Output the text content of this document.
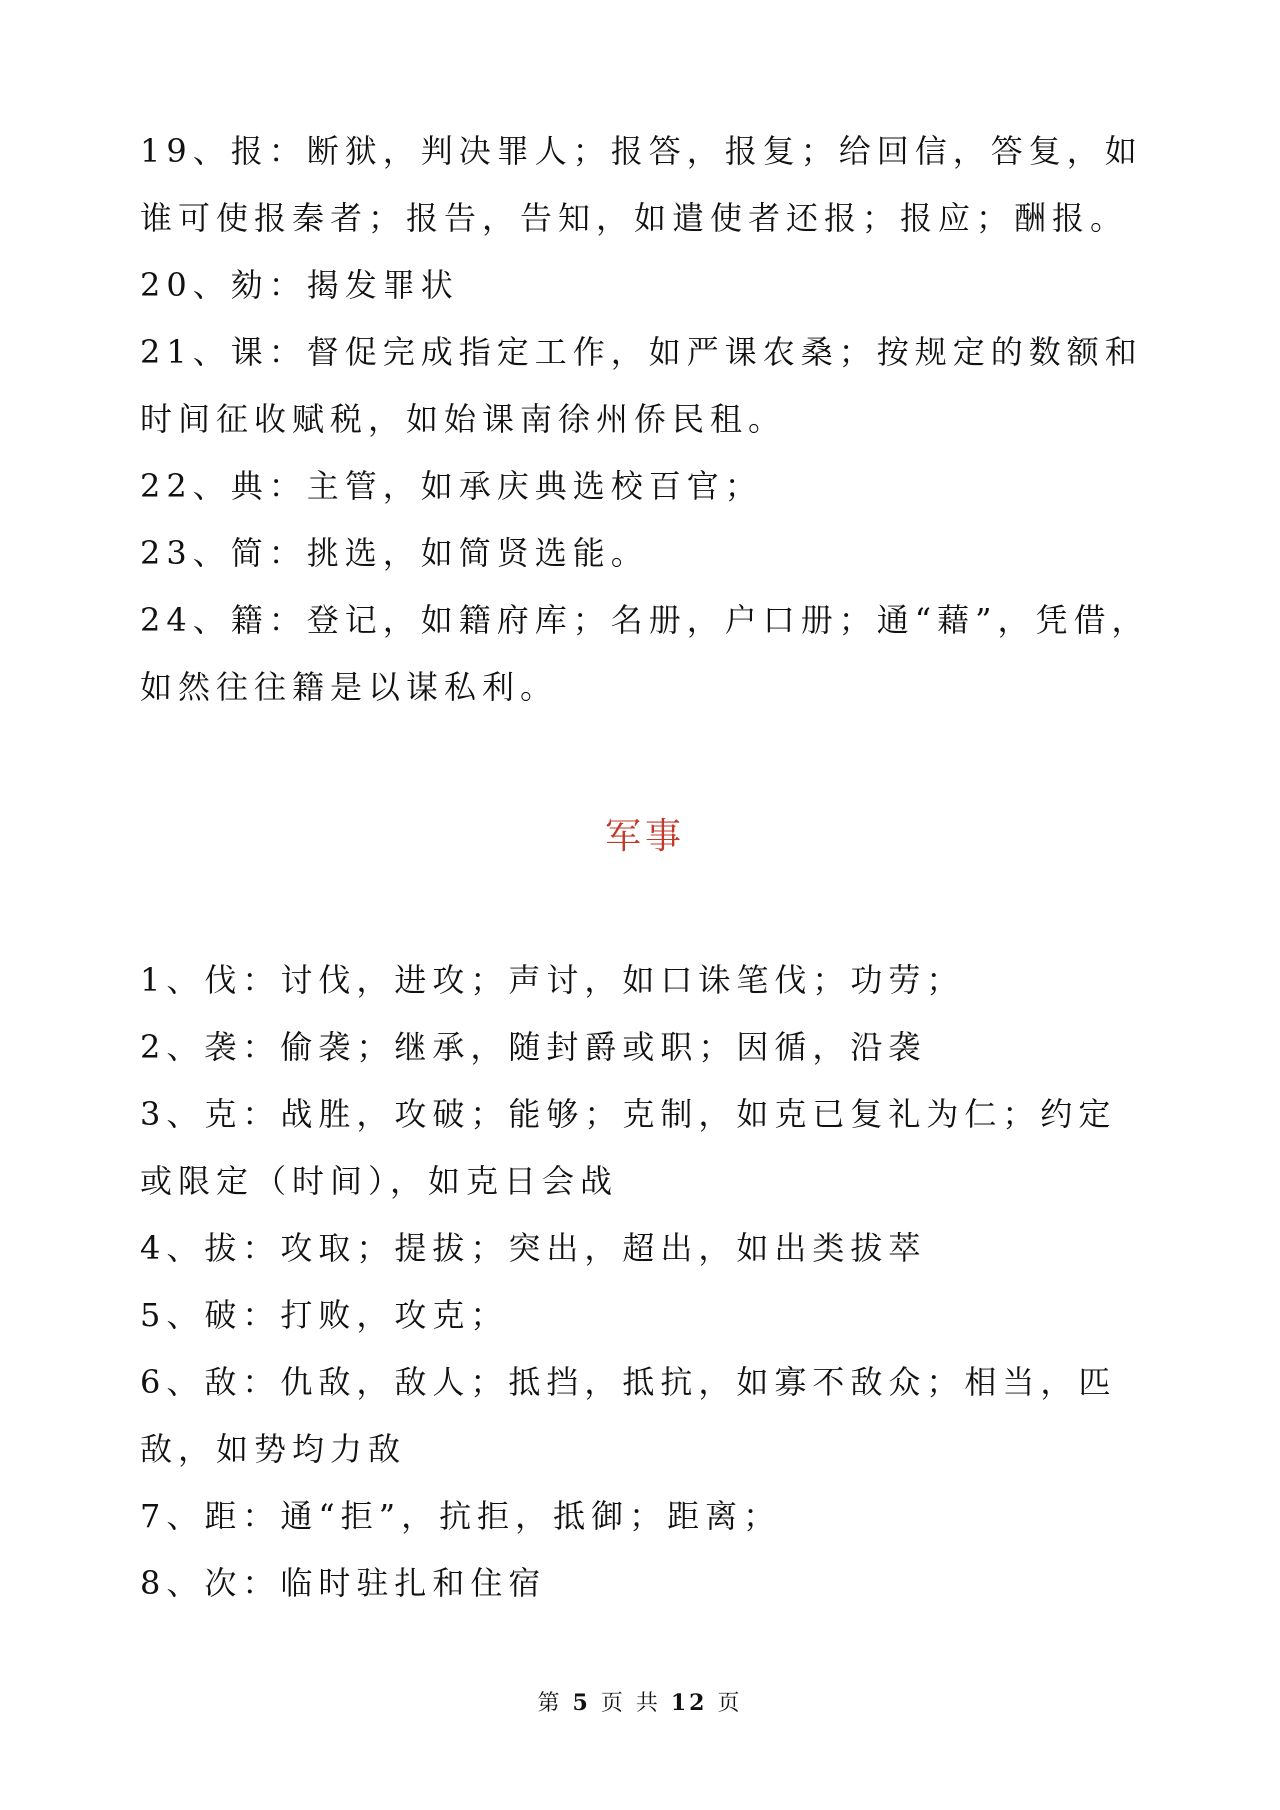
19、报：断狱，判决罪人；报答，报复；给回信，答复，如谁可使报秦者；报告，告知，如遣使者还报；报应；酬报。

20、劾：揭发罪状

21、课：督促完成指定工作，如严课农桑；按规定的数额和时间征收赋税，如始课南徐州侨民租。

22、典：主管，如承庆典选校百官；

23、简：挑选，如简贤选能。

24、籍：登记，如籍府库；名册，户口册；通“藉”，凭借，如然往往籍是以谋私利。

军事

1、伐：讨伐，进攻；声讨，如口诛笔伐；功劳；

2、袭：偷袭；继承，随封爵或职；因循，沿袭

3、克：战胜，攻破；能够；克制，如克已复礼为仁；约定或限定（时间），如克日会战

4、拔：攻取；提拔；突出，超出，如出类拔萃

5、破：打败，攻克；

6、敌：仇敌，敌人；抵挡，抵抗，如寡不敌众；相当，匹敌，如势均力敌

7、距：通“拒”，抗拒，抵御；距离；

8、次：临时驻扎和住宿

第 5 页 共 12 页
